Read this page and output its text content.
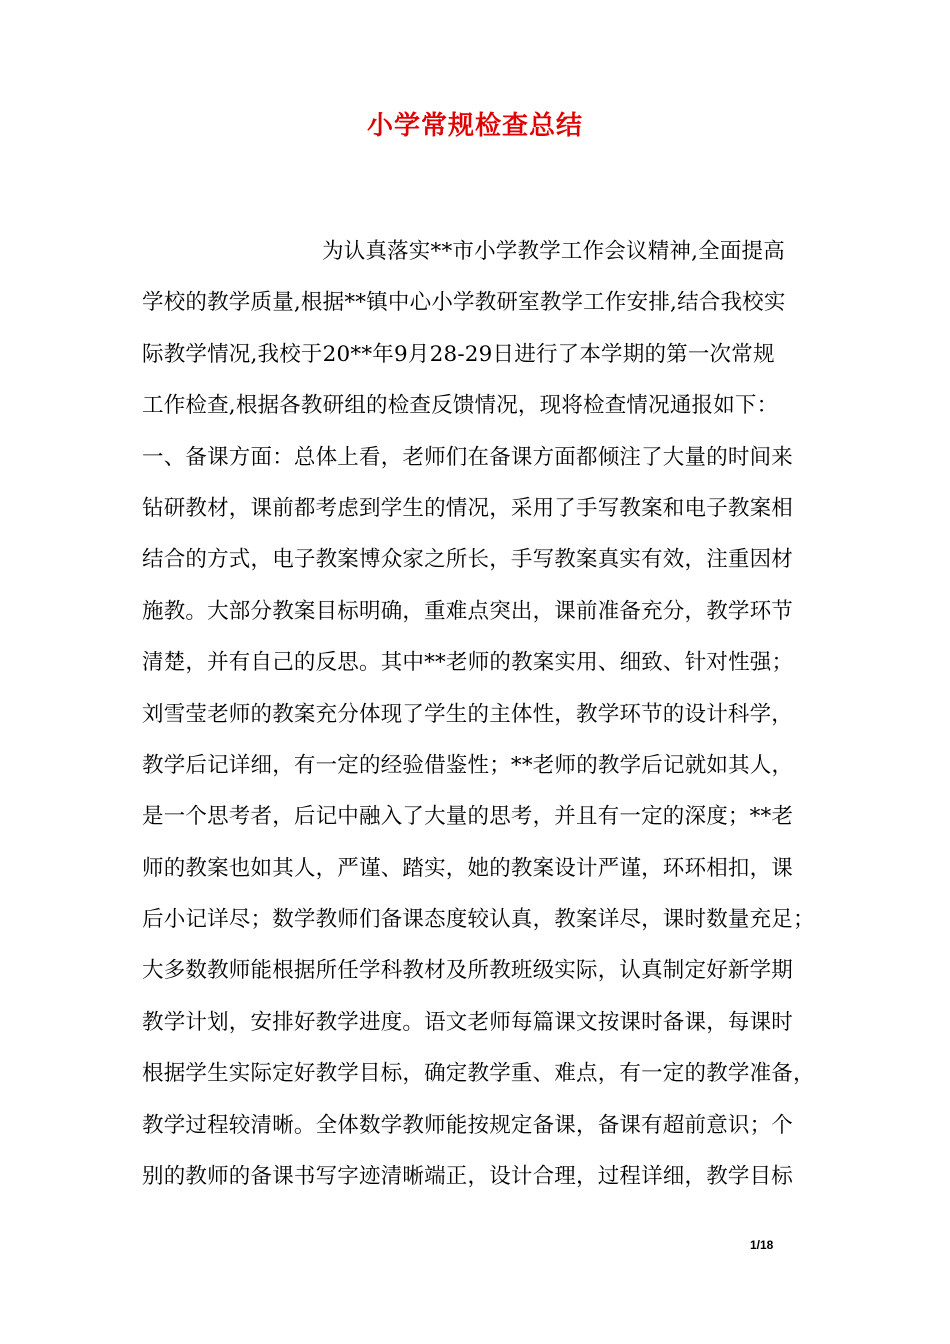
小学常规检查总结
为认真落实**市小学教学工作会议精神,全面提高
学校的教学质量,根据**镇中心小学教研室教学工作安排,结合我校实
际教学情况,我校于20**年9月28-29日进行了本学期的第一次常规
工作检查,根据各教研组的检查反馈情况，现将检查情况通报如下：
一、备课方面：总体上看，老师们在备课方面都倾注了大量的时间来
钻研教材，课前都考虑到学生的情况，采用了手写教案和电子教案相
结合的方式，电子教案博众家之所长，手写教案真实有效，注重因材
施教。大部分教案目标明确，重难点突出，课前准备充分，教学环节
清楚，并有自己的反思。其中**老师的教案实用、细致、针对性强；
刘雪莹老师的教案充分体现了学生的主体性，教学环节的设计科学，
教学后记详细，有一定的经验借鉴性；**老师的教学后记就如其人，
是一个思考者，后记中融入了大量的思考，并且有一定的深度；**老
师的教案也如其人，严谨、踏实，她的教案设计严谨，环环相扣，课
后小记详尽；数学教师们备课态度较认真，教案详尽，课时数量充足；
大多数教师能根据所任学科教材及所教班级实际，认真制定好新学期
教学计划，安排好教学进度。语文老师每篇课文按课时备课，每课时
根据学生实际定好教学目标，确定教学重、难点，有一定的教学准备，
教学过程较清晰。全体数学教师能按规定备课，备课有超前意识；个
别的教师的备课书写字迹清晰端正，设计合理，过程详细，教学目标
1/18
